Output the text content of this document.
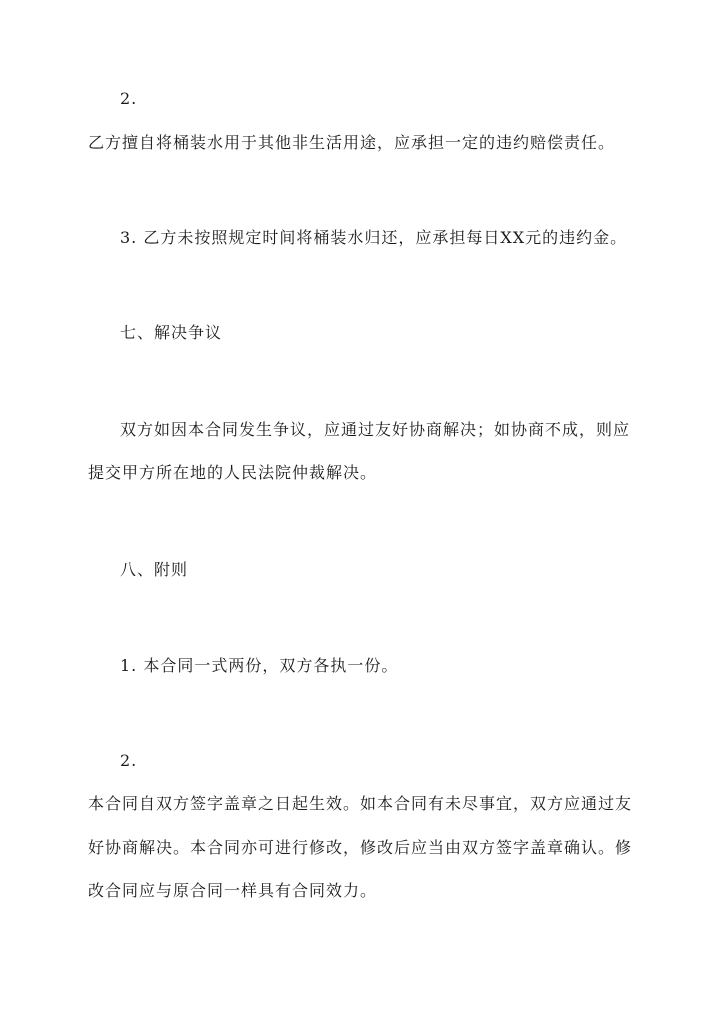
2.
乙方擅自将桶装水用于其他非生活用途，应承担一定的违约赔偿责任。
3. 乙方未按照规定时间将桶装水归还，应承担每日XX元的违约金。
七、解决争议
双方如因本合同发生争议，应通过友好协商解决；如协商不成，则应
提交甲方所在地的人民法院仲裁解决。
八、附则
1. 本合同一式两份，双方各执一份。
2.
本合同自双方签字盖章之日起生效。如本合同有未尽事宜，双方应通过友
好协商解决。本合同亦可进行修改，修改后应当由双方签字盖章确认。修
改合同应与原合同一样具有合同效力。
